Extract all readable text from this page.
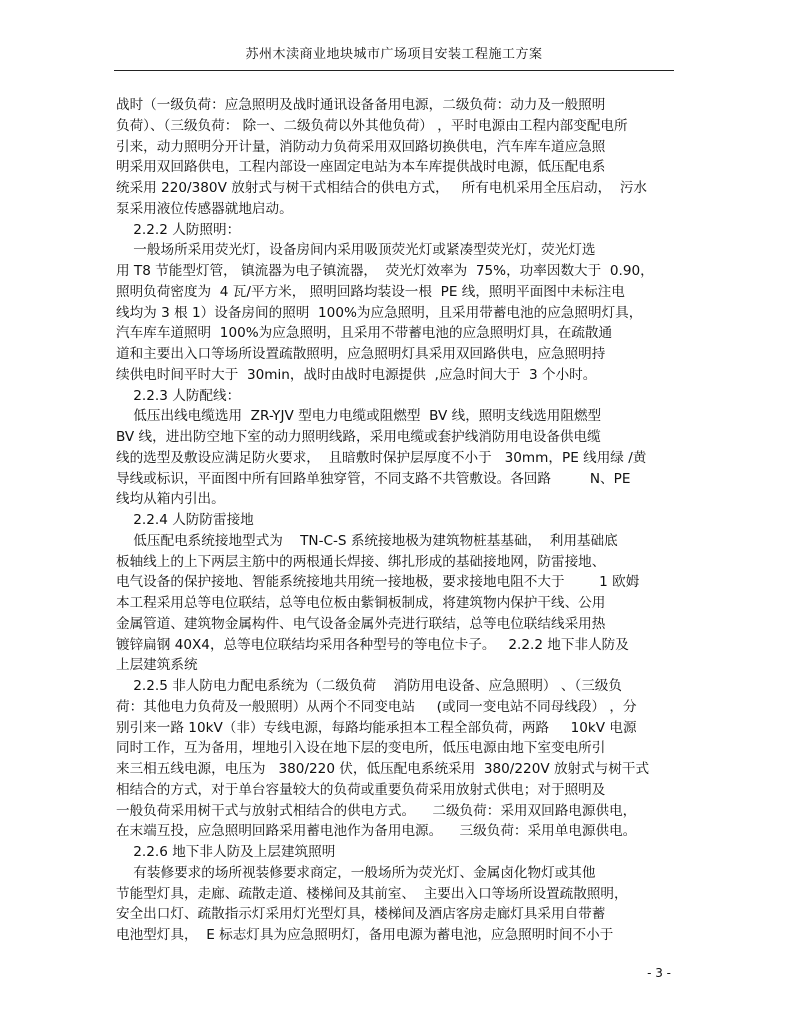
苏州木渎商业地块城市广场项目安装工程施工方案
战时（一级负荷：应急照明及战时通讯设备备用电源，二级负荷：动力及一般照明
负荷）、（三级负荷： 除一、二级负荷以外其他负荷） ，平时电源由工程内部变配电所
引来，动力照明分开计量，消防动力负荷采用双回路切换供电，汽车库车道应急照
明采用双回路供电，工程内部设一座固定电站为本车库提供战时电源，低压配电系
统采用 220/380V 放射式与树干式相结合的供电方式，   所有电机采用全压启动，  污水
泵采用液位传感器就地启动。
2.2.2 人防照明：
一般场所采用荧光灯，设备房间内采用吸顶荧光灯或紧凑型荧光灯，荧光灯选
用 T8 节能型灯管， 镇流器为电子镇流器，  荧光灯效率为  75%，功率因数大于  0.90，
照明负荷密度为  4 瓦/平方米， 照明回路均装设一根  PE 线，照明平面图中未标注电
线均为 3 根 1）设备房间的照明  100%为应急照明，且采用带蓄电池的应急照明灯具，
汽车库车道照明  100%为应急照明，且采用不带蓄电池的应急照明灯具，在疏散通
道和主要出入口等场所设置疏散照明，应急照明灯具采用双回路供电，应急照明持
续供电时间平时大于  30min，战时由战时电源提供  ,应急时间大于  3 个小时。
2.2.3 人防配线：
低压出线电缆选用  ZR-YJV 型电力电缆或阻燃型  BV 线，照明支线选用阻燃型
BV 线，进出防空地下室的动力照明线路，采用电缆或套护线消防用电设备供电缆
线的选型及敷设应满足防火要求，  且暗敷时保护层厚度不小于   30mm，PE 线用绿 /黄
导线或标识，平面图中所有回路单独穿管，不同支路不共管敷设。各回路         N、PE
线均从箱内引出。
2.2.4 人防防雷接地
低压配电系统接地型式为    TN-C-S 系统接地极为建筑物桩基基础，  利用基础底
板轴线上的上下两层主筋中的两根通长焊接、绑扎形成的基础接地网，防雷接地、
电气设备的保护接地、智能系统接地共用统一接地极，要求接地电阻不大于        1 欧姆
本工程采用总等电位联结，总等电位板由紫铜板制成，将建筑物内保护干线、公用
金属管道、建筑物金属构件、电气设备金属外壳进行联结，总等电位联结线采用热
镀锌扁钢 40X4，总等电位联结均采用各种型号的等电位卡子。   2.2.2 地下非人防及
上层建筑系统
2.2.5 非人防电力配电系统为（二级负荷    消防用电设备、应急照明） 、（三级负
荷：其他电力负荷及一般照明）从两个不同变电站     (或同一变电站不同母线段） ，分
别引来一路 10kV（非）专线电源，每路均能承担本工程全部负荷，两路     10kV 电源
同时工作，互为备用，埋地引入设在地下层的变电所，低压电源由地下室变电所引
来三相五线电源，电压为   380/220 伏，低压配电系统采用  380/220V 放射式与树干式
相结合的方式，对于单台容量较大的负荷或重要负荷采用放射式供电；对于照明及
一般负荷采用树干式与放射式相结合的供电方式。    二级负荷：采用双回路电源供电，
在末端互投，应急照明回路采用蓄电池作为备用电源。    三级负荷：采用单电源供电。
2.2.6 地下非人防及上层建筑照明
有装修要求的场所视装修要求商定，一般场所为荧光灯、金属卤化物灯或其他
节能型灯具，走廊、疏散走道、楼梯间及其前室、  主要出入口等场所设置疏散照明，
安全出口灯、疏散指示灯采用灯光型灯具，楼梯间及酒店客房走廊灯具采用自带蓄
电池型灯具，  E 标志灯具为应急照明灯，备用电源为蓄电池，应急照明时间不小于
- 3 -
